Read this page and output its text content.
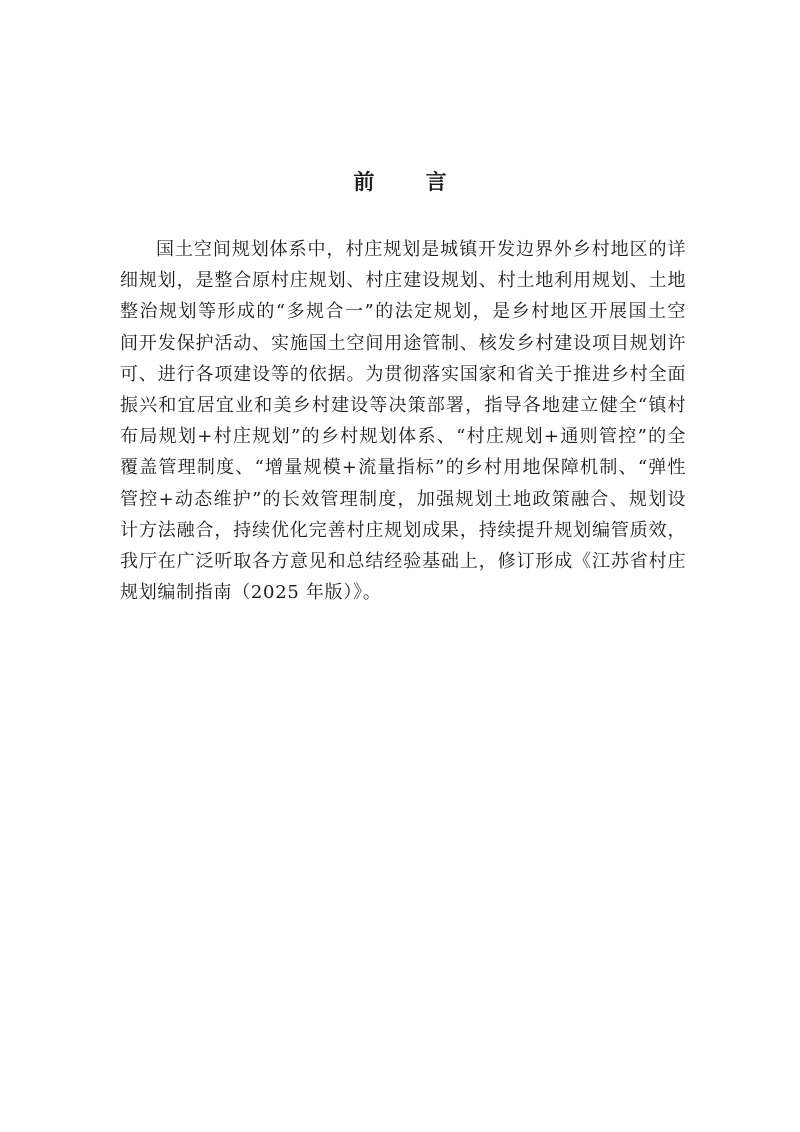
前 言
国土空间规划体系中，村庄规划是城镇开发边界外乡村地区的详
细规划，是整合原村庄规划、村庄建设规划、村土地利用规划、土地
整治规划等形成的“多规合一”的法定规划，是乡村地区开展国土空
间开发保护活动、实施国土空间用途管制、核发乡村建设项目规划许
可、进行各项建设等的依据。为贯彻落实国家和省关于推进乡村全面
振兴和宜居宜业和美乡村建设等决策部署，指导各地建立健全“镇村
布局规划+村庄规划”的乡村规划体系、“村庄规划+通则管控”的全
覆盖管理制度、“增量规模+流量指标”的乡村用地保障机制、“弹性
管控+动态维护”的长效管理制度，加强规划土地政策融合、规划设
计方法融合，持续优化完善村庄规划成果，持续提升规划编管质效，
我厅在广泛听取各方意见和总结经验基础上，修订形成《江苏省村庄
规划编制指南（2025 年版）》。
